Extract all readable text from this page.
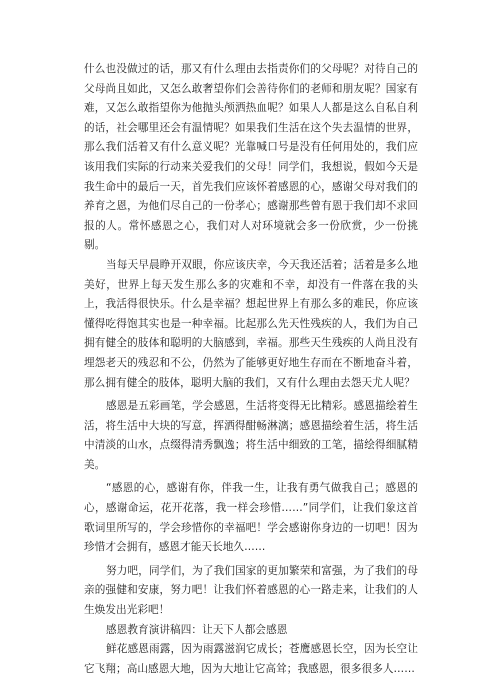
什么也没做过的话，那又有什么理由去指责你们的父母呢？对待自己的父母尚且如此，又怎么敢奢望你们会善待你们的老师和朋友呢？国家有难，又怎么敢指望你为他抛头颅洒热血呢？如果人人都是这么自私自利的话，社会哪里还会有温情呢？如果我们生活在这个失去温情的世界，那么我们活着又有什么意义呢？光靠喊口号是没有任何用处的，我们应该用我们实际的行动来关爱我们的父母！同学们，我想说，假如今天是我生命中的最后一天，首先我们应该怀着感恩的心，感谢父母对我们的养育之恩，为他们尽自己的一份孝心；感谢那些曾有恩于我们却不求回报的人。常怀感恩之心，我们对人对环境就会多一份欣赏，少一份挑剔。

当每天早晨睁开双眼，你应该庆幸，今天我还活着；活着是多么地美好，世界上每天发生那么多的灾难和不幸，却没有一件落在我的头上，我活得很快乐。什么是幸福？想起世界上有那么多的难民，你应该懂得吃得饱其实也是一种幸福。比起那么先天性残疾的人，我们为自己拥有健全的肢体和聪明的大脑感到，幸福。那些天生残疾的人尚且没有埋怨老天的残忍和不公，仍然为了能够更好地生存而在不断地奋斗着，那么拥有健全的肢体，聪明大脑的我们，又有什么理由去怨天尤人呢？

感恩是五彩画笔，学会感恩，生活将变得无比精彩。感恩描绘着生活，将生活中大块的写意，挥洒得酣畅淋漓；感恩描绘着生活，将生活中清淡的山水，点缀得清秀飘逸；将生活中细致的工笔，描绘得细腻精美。

“感恩的心，感谢有你，伴我一生，让我有勇气做我自己；感恩的心，感谢命运，花开花落，我一样会珍惜……”同学们，让我们象这首歌词里所写的，学会珍惜你的幸福吧！学会感谢你身边的一切吧！因为珍惜才会拥有，感恩才能天长地久……

努力吧，同学们，为了我们国家的更加繁荣和富强，为了我们的母亲的强健和安康，努力吧！让我们怀着感恩的心一路走来，让我们的人生焕发出光彩吧！

感恩教育演讲稿四：让天下人都会感恩

鲜花感恩雨露，因为雨露滋润它成长；苍鹰感恩长空，因为长空让它飞翔；高山感恩大地，因为大地让它高耸；我感恩，很多很多人……
